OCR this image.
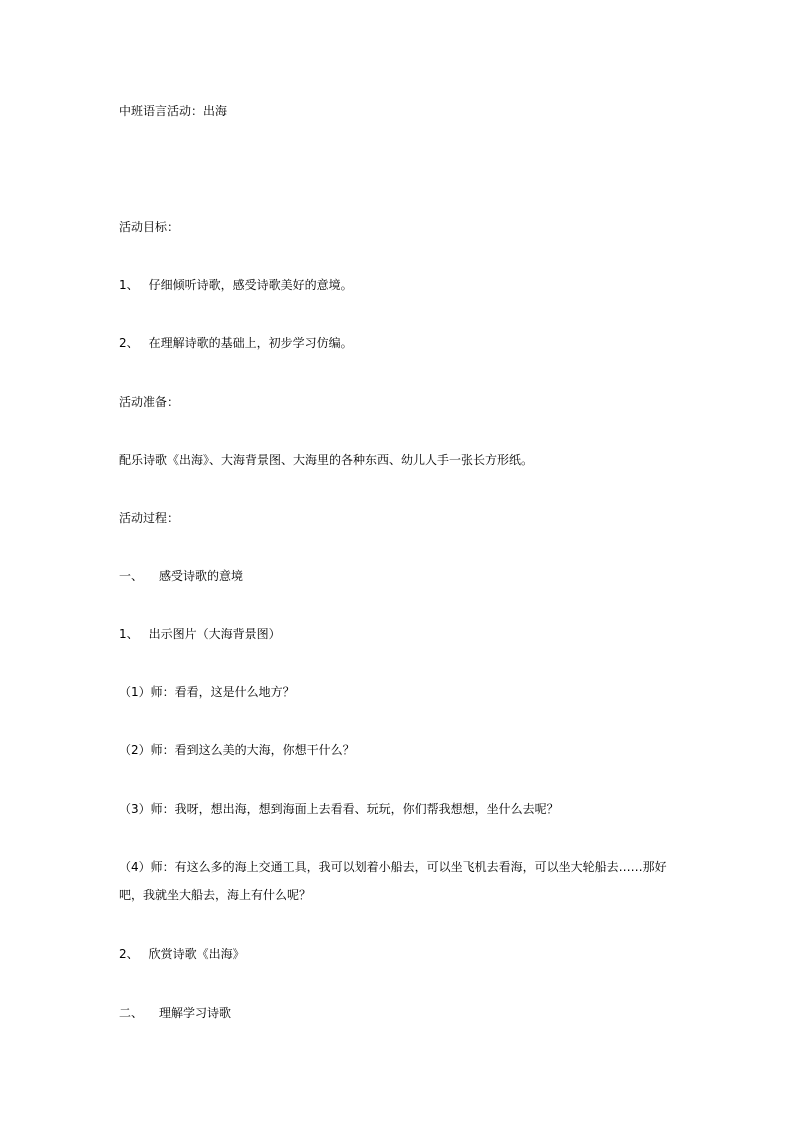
中班语言活动：出海
活动目标：
1、 仔细倾听诗歌，感受诗歌美好的意境。
2、 在理解诗歌的基础上，初步学习仿编。
活动准备：
配乐诗歌《出海》、大海背景图、大海里的各种东西、幼儿人手一张长方形纸。
活动过程：
一、 感受诗歌的意境
1、 出示图片（大海背景图）
（1）师：看看，这是什么地方？
（2）师：看到这么美的大海，你想干什么？
（3）师：我呀，想出海，想到海面上去看看、玩玩，你们帮我想想，坐什么去呢？
（4）师：有这么多的海上交通工具，我可以划着小船去，可以坐飞机去看海，可以坐大轮船去……那好吧，我就坐大船去，海上有什么呢？
2、 欣赏诗歌《出海》
二、 理解学习诗歌
